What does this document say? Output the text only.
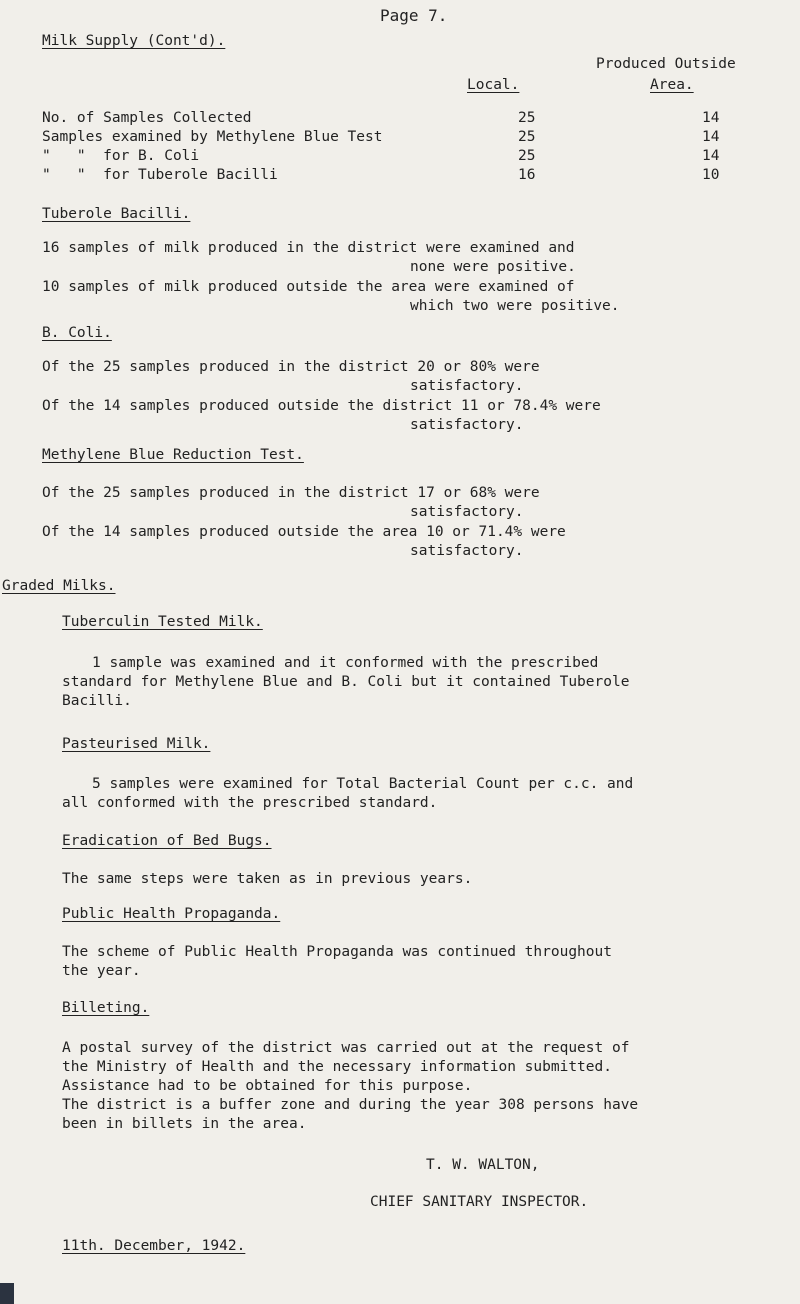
Page 7.
Milk Supply (Cont'd).
Produced Outside
Local.	Area.
No. of Samples Collected	25	14
Samples examined by Methylene Blue Test	25	14
"   "  for B. Coli	25	14
"   "  for Tuberole Bacilli	16	10
Tuberole Bacilli.
16 samples of milk produced in the district were examined and
none were positive.
10 samples of milk produced outside the area were examined of
which two were positive.
B. Coli.
Of the 25 samples produced in the district 20 or 80% were
satisfactory.
Of the 14 samples produced outside the district 11 or 78.4% were
satisfactory.
Methylene Blue Reduction Test.
Of the 25 samples produced in the district 17 or 68% were
satisfactory.
Of the 14 samples produced outside the area 10 or 71.4% were
satisfactory.
Graded Milks.
Tuberculin Tested Milk.
1 sample was examined and it conformed with the prescribed
standard for Methylene Blue and B. Coli but it contained Tuberole
Bacilli.
Pasteurised Milk.
5 samples were examined for Total Bacterial Count per c.c. and
all conformed with the prescribed standard.
Eradication of Bed Bugs.
The same steps were taken as in previous years.
Public Health Propaganda.
The scheme of Public Health Propaganda was continued throughout
the year.
Billeting.
A postal survey of the district was carried out at the request of
the Ministry of Health and the necessary information submitted.
Assistance had to be obtained for this purpose.
The district is a buffer zone and during the year 308 persons have
been in billets in the area.
T. W. WALTON,
CHIEF SANITARY INSPECTOR.
11th. December, 1942.
